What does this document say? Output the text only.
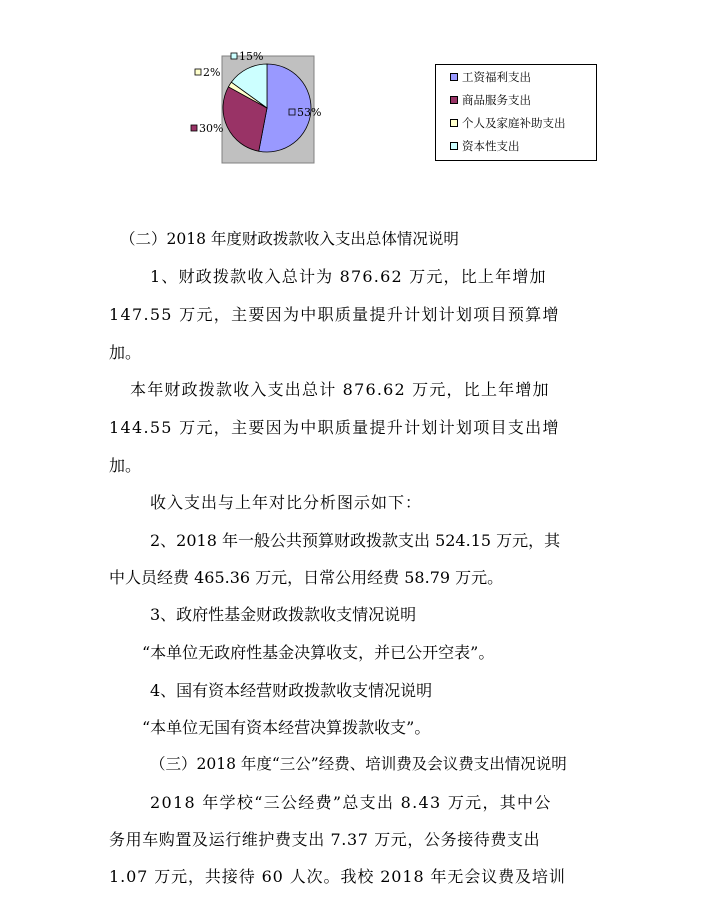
53%
30%
2%
15%
工资福利支出
商品服务支出
个人及家庭补助支出
资本性支出
（二）2018 年度财政拨款收入支出总体情况说明
1、财政拨款收入总计为 876.62 万元，比上年增加
147.55 万元，主要因为中职质量提升计划计划项目预算增
加。
本年财政拨款收入支出总计 876.62 万元，比上年增加
144.55 万元，主要因为中职质量提升计划计划项目支出增
加。
收入支出与上年对比分析图示如下：
2、2018 年一般公共预算财政拨款支出 524.15 万元，其
中人员经费 465.36 万元，日常公用经费 58.79 万元。
3、政府性基金财政拨款收支情况说明
“本单位无政府性基金决算收支，并已公开空表”。
4、国有资本经营财政拨款收支情况说明
“本单位无国有资本经营决算拨款收支”。
（三）2018 年度“三公”经费、培训费及会议费支出情况说明
2018 年学校“三公经费”总支出 8.43 万元，其中公
务用车购置及运行维护费支出 7.37 万元，公务接待费支出
1.07 万元，共接待 60 人次。我校 2018 年无会议费及培训
